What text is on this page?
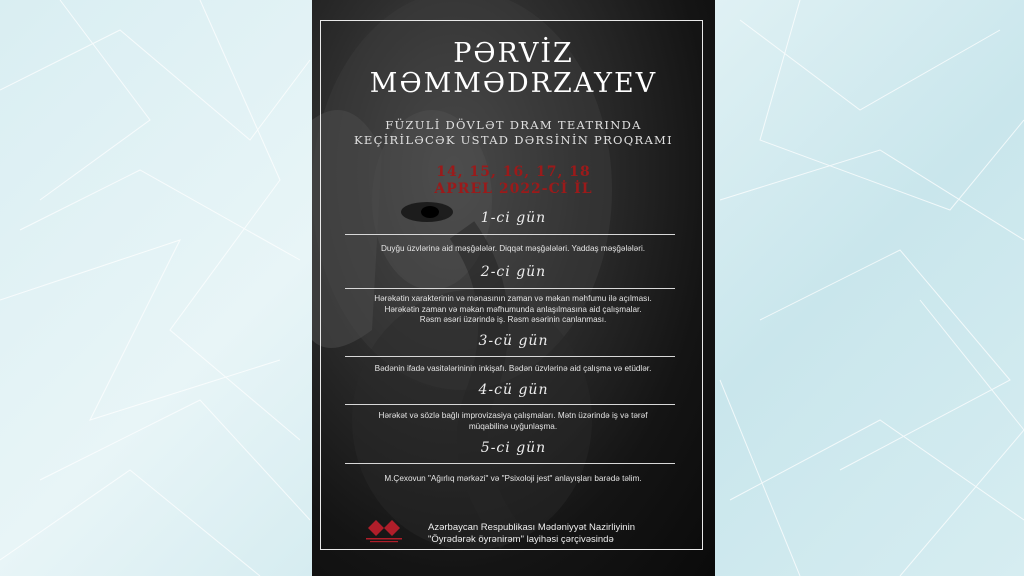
PƏRVİZ
MƏMMƏDRZAYEV
FÜZULİ DÖVLƏT DRAM TEATRINDA
KEÇİRİLƏCƏK USTAD DƏRSİNİN PROQRAMI
14, 15, 16, 17, 18
APREL 2022-Cİ İL
1-ci gün
Duyğu üzvlərinə aid məşğələlər. Diqqət məşğələləri. Yaddaş məşğələləri.
2-ci gün
Hərəkətin xarakterinin və mənasının zaman və məkan məhfumu ilə açılması.
Hərəkətin zaman və məkan məfhumunda anlaşılmasına aid çalışmalar.
Rəsm əsəri üzərində iş. Rəsm əsərinin canlanması.
3-cü gün
Bədənin ifadə vasitələrininin inkişafı. Bədən üzvlərinə aid çalışma və etüdlər.
4-cü gün
Hərəkət və sözlə bağlı improvizasiya çalışmaları. Mətn üzərində iş və tərəf
müqabilinə uyğunlaşma.
5-ci gün
M.Çexovun "Ağırlıq mərkəzi" və "Psixoloji jest" anlayışları barədə təlim.
Azərbaycan Respublikası Mədəniyyət Nazirliyinin
"Öyrədərək öyrənirəm" layihəsi çərçivəsində
